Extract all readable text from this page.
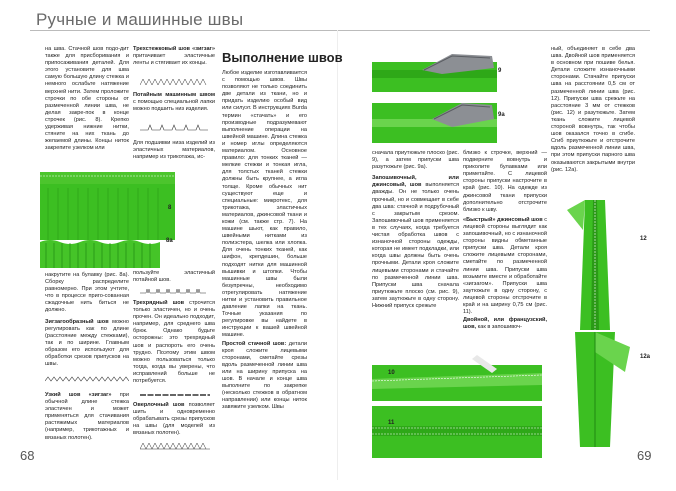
Ручные и машинные швы

на шва. Стачной шов подо-дит также для присборивания и припосаживания деталей. Для этого установите для шва самую большую длину стежка и немного ослабьте натяжение верхней нити. Затем проложите строчки по обе стороны от размеченной линии шва, не делая закре-пок в конце строчек (рис. 8). Крепко удерживая нижние нитки, стяните на них ткань до желаемой длины. Концы ниток закрепите узелком или

8
8а

накрутите на булавку (рис. 8а). Сборку распределите равномерно. При этом учтите, что в процессе приго-сованная сжадочные нить биться не должно.

Зигзагообразный шов можно регулировать как по длине (расстояние между стежками), так и по ширине. Главным образом его используют для обработки срезов припусков на швы.

Узкий шов «зигзаг» при обычной длине стежка эластичен и может применяться для стачивания растяжимых материалов (например, трикотажных и вязаных полотен).

Трехстежковый шов «зигзаг» притачивает эластичные ленты и стягивает их концы.

Потайным машинным швом с помощью специальной лапки можно подшить низ изделия.

Для подшивки низа изделий из эластичных материалов, например из трикотажа, ис-

пользуйте эластичный потайной шов.

Трехрядный шов строчится только эластичен, но и очень прочен. Он идеально подходит, например, для среднего шва брюк. Однако будьте осторожны: это трехрядный шов и распороть его очень трудно. Поэтому этим швом можно пользоваться только тогда, когда вы уверены, что исправлений больше не потребуется.

Оверлочный шов позволяет шить и одновременно обрабатывать срезы припусков на швы (для моделей из вязаных полотен).

68
Выполнение швов

Любое изделие изготавливается с помощью швов. Швы позволяют не только соединить две детали из ткани, но и придать изделию особый вид или силуэт. В инструкциях Burda термин «стачать» и его производные подразумевают выполнение операции на швейной машине. Длина стежка и номер иглы определяются материалом. Основное правило: для тонких тканей — мелкие стежки и тонкая игла, для толстых тканей стежки должны быть крупнее, а игла толще. Кроме обычных нит существуют еще и специальные: микротекс, для трикотажа, эластичных материалов, джинсовой ткани и кожи (см. также стр. 7). На машине шьют, как правило, швейными нитками из полиэстера, шелка или хлопка. Для очень тонких тканей, как шифон, крепдешин, больше подходят нитки для машинной вышивки и штопки. Чтобы машинные швы были безупречны, необходимо отрегулировать натяжение нитки и установить правильное давление лапки на ткань. Точные указания по регулировке вы найдете в инструкции к вашей швейной машине.

Простой стачной шов: детали кроя сложите лицевыми сторонами, сметайте срезы вдоль размеченной линии шва или на ширину припуска на шов. В начале и конце шва выполните по закрепке (несколько стежков в обратном направлении) или концы ниток завяжите узелком. Швы

9
9а

сначала приутюжьте плоско (рис. 9), а затем припуски шва разутюжьте (рис. 9а).

Запошивочный, или джинсовый, шов выполняется дважды. Он не только очень прочный, но и совмещает в себе два шва: стачной и подрубочный с закрытым срезом. Запошивочный шов применяется в тех случаях, когда требуется чистая обработка швов с изнаночной стороны одежды, которая не имеет подкладки, или когда швы должны быть очень прочными. Детали кроя сложите лицевыми сторонами и стачайте по размеченной линии шва. Припуски шва сначала приутюжьте плоско (см. рис. 9), затем заутюжьте в одну сторону. Нижний припуск срежьте

близко к строчке, верхний — подверните вовнутрь и приколите булавками или приметайте. С лицевой стороны припуски настрочите в край (рис. 10). На одежде из джинсовой ткани припуски дополнительно отстрочите близко к шву.

«Быстрый» джинсовый шов с лицевой стороны выглядит как запошивочный, но с изнаночной стороны видны обметанные припуски шва. Детали кроя сложите лицевыми сторонами, сметайте по размеченной линии шва. Припуски шва возьмите вместе и обработайте «зигзагом». Припуски шва заутюжьте в одну сторону, с лицевой стороны отстрочите в край и на ширину 0,75 см (рис. 11).

Двойной, или французский, шов, как в запошивоч-

10
11

ный, объединяет в себе два шва. Двойной шов применяется в основном при пошиве белья. Детали сложите изнаночными сторонами. Стачайте припуски шва на расстоянии 0,5 см от размеченной линии шва (рис. 12). Припуски шва срежьте на расстояние 3 мм от стежков (рис. 12) и разутюжьте. Затем ткань сложите лицевой стороной вовнутрь, так чтобы шов оказался точно в сгибе. Сгиб приутюжьте и отстрочите вдоль размеченной линии шва, при этом припуски парного шва оказываются закрытыми внутри (рис. 12а).

12
12а
69
